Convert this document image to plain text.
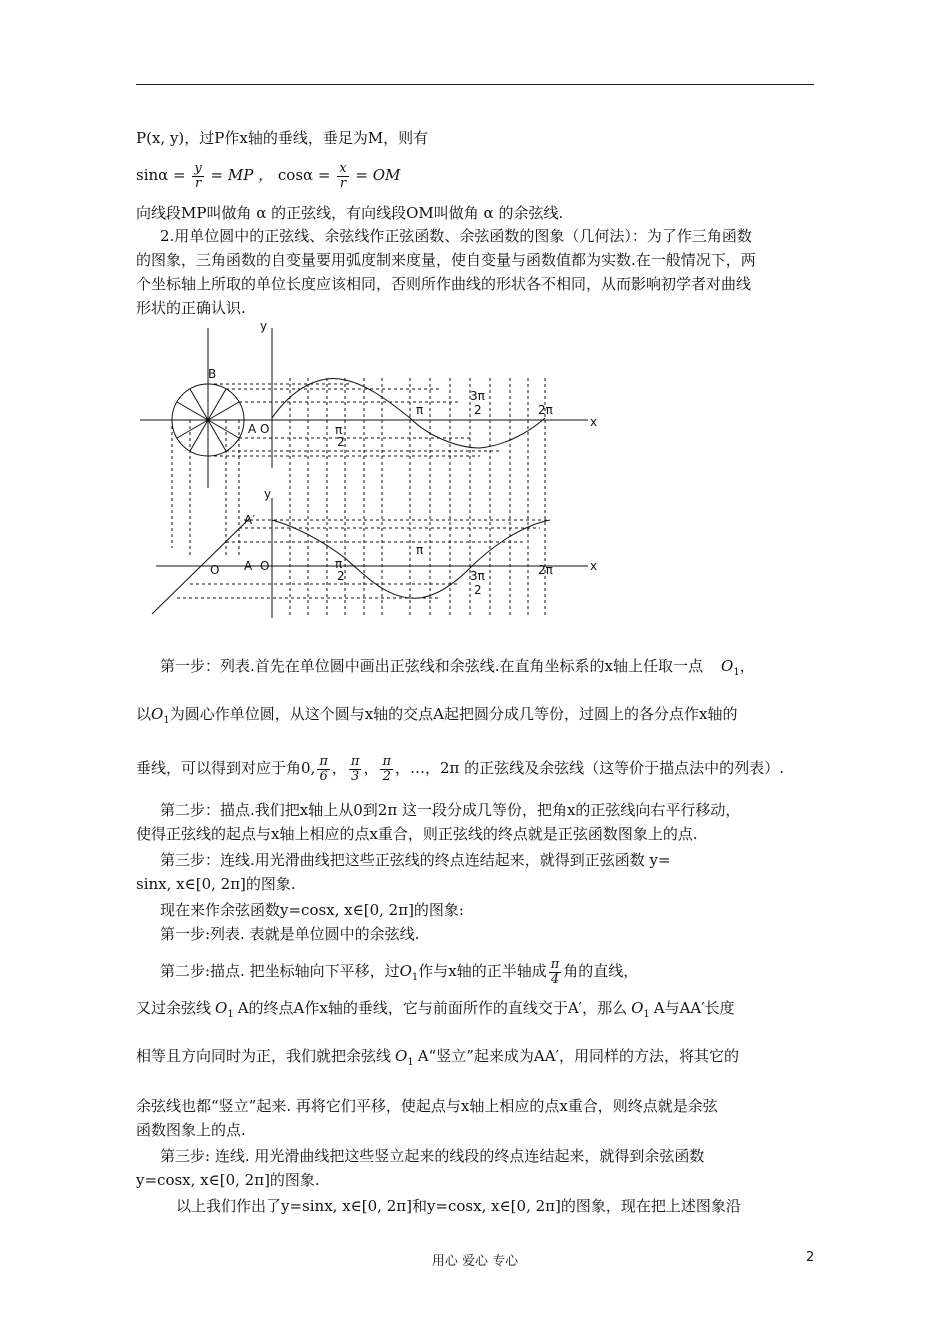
P(x, y)，过P作x轴的垂线，垂足为M，则有
$\sin\alpha = \frac{y}{r}$ = MP ， $\cos\alpha = \frac{x}{r}$ = OM
向线段MP叫做角 α 的正弦线，有向线段OM叫做角 α 的余弦线.
2.用单位圆中的正弦线、余弦线作正弦函数、余弦函数的图象（几何法）：为了作三角函数
的图象，三角函数的自变量要用弧度制来度量，使自变量与函数值都为实数.在一般情况下，两
个坐标轴上所取的单位长度应该相同，否则所作曲线的形状各不相同，从而影响初学者对曲线
形状的正确认识.
y
x
B
A O
π
3π
2	2π
π
2
y
x
A′
O A O
π
π
2	3π
2
2π
第一步：列表.首先在单位圆中画出正弦线和余弦线.在直角坐标系的x轴上任取一点 $O_1$，
以$O_1$为圆心作单位圆，从这个圆与x轴的交点A起把圆分成几等份，过圆上的各分点作x轴的
垂线，可以得到对应于角0, $\frac{\pi}{6}$ ， $\frac{\pi}{3}$ ， $\frac{\pi}{2}$ ，…，2π 的正弦线及余弦线（这等价于描点法中的列表）.
第二步：描点.我们把x轴上从0到2π 这一段分成几等份，把角x的正弦线向右平行移动，
使得正弦线的起点与x轴上相应的点x重合，则正弦线的终点就是正弦函数图象上的点.
第三步：连线.用光滑曲线把这些正弦线的终点连结起来，就得到正弦函数 y=
sinx, x∈[0, 2π]的图象.
现在来作余弦函数y=cosx, x∈[0, 2π]的图象:
第一步:列表. 表就是单位圆中的余弦线.
第二步:描点. 把坐标轴向下平移，过$O_1$作与x轴的正半轴成 $\frac{\pi}{4}$ 角的直线，
又过余弦线 $O_1$ A的终点A作x轴的垂线，它与前面所作的直线交于A′，那么 $O_1$ A与AA′长度
相等且方向同时为正，我们就把余弦线 $O_1$ A“竖立”起来成为AA′，用同样的方法，将其它的
余弦线也都“竖立”起来. 再将它们平移，使起点与x轴上相应的点x重合，则终点就是余弦
函数图象上的点.
第三步: 连线. 用光滑曲线把这些竖立起来的线段的终点连结起来，就得到余弦函数
y=cosx, x∈[0, 2π]的图象.
以上我们作出了y=sinx, x∈[0, 2π]和y=cosx, x∈[0, 2π]的图象，现在把上述图象沿
用心 爱心 专心	2
